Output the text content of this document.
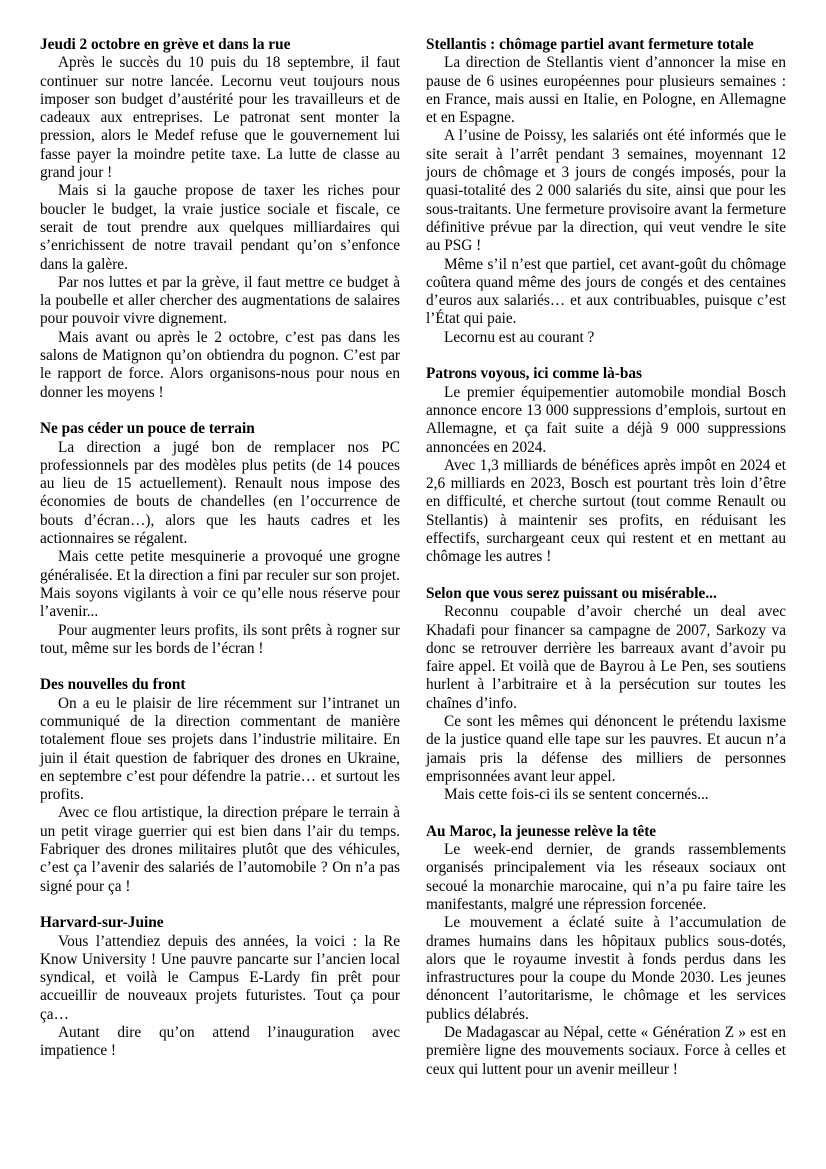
Jeudi 2 octobre en grève et dans la rue

Après le succès du 10 puis du 18 septembre, il faut continuer sur notre lancée. Lecornu veut toujours nous imposer son budget d’austérité pour les travailleurs et de cadeaux aux entreprises. Le patronat sent monter la pression, alors le Medef refuse que le gouvernement lui fasse payer la moindre petite taxe. La lutte de classe au grand jour !

Mais si la gauche propose de taxer les riches pour boucler le budget, la vraie justice sociale et fiscale, ce serait de tout prendre aux quelques milliardaires qui s’enrichissent de notre travail pendant qu’on s’enfonce dans la galère.

Par nos luttes et par la grève, il faut mettre ce budget à la poubelle et aller chercher des augmentations de salaires pour pouvoir vivre dignement.

Mais avant ou après le 2 octobre, c’est pas dans les salons de Matignon qu’on obtiendra du pognon. C’est par le rapport de force. Alors organisons-nous pour nous en donner les moyens !

Ne pas céder un pouce de terrain

La direction a jugé bon de remplacer nos PC professionnels par des modèles plus petits (de 14 pouces au lieu de 15 actuellement). Renault nous impose des économies de bouts de chandelles (en l’occurrence de bouts d’écran…), alors que les hauts cadres et les actionnaires se régalent.

Mais cette petite mesquinerie a provoqué une grogne généralisée. Et la direction a fini par reculer sur son projet. Mais soyons vigilants à voir ce qu’elle nous réserve pour l’avenir...

Pour augmenter leurs profits, ils sont prêts à rogner sur tout, même sur les bords de l’écran !

Des nouvelles du front

On a eu le plaisir de lire récemment sur l’intranet un communiqué de la direction commentant de manière totalement floue ses projets dans l’industrie militaire. En juin il était question de fabriquer des drones en Ukraine, en septembre c’est pour défendre la patrie… et surtout les profits.

Avec ce flou artistique, la direction prépare le terrain à un petit virage guerrier qui est bien dans l’air du temps. Fabriquer des drones militaires plutôt que des véhicules, c’est ça l’avenir des salariés de l’automobile ? On n’a pas signé pour ça !

Harvard-sur-Juine

Vous l’attendiez depuis des années, la voici : la Re Know University ! Une pauvre pancarte sur l’ancien local syndical, et voilà le Campus E-Lardy fin prêt pour accueillir de nouveaux projets futuristes. Tout ça pour ça…

Autant dire qu’on attend l’inauguration avec impatience !

Stellantis : chômage partiel avant fermeture totale

La direction de Stellantis vient d’annoncer la mise en pause de 6 usines européennes pour plusieurs semaines : en France, mais aussi en Italie, en Pologne, en Allemagne et en Espagne.

A l’usine de Poissy, les salariés ont été informés que le site serait à l’arrêt pendant 3 semaines, moyennant 12 jours de chômage et 3 jours de congés imposés, pour la quasi-totalité des 2 000 salariés du site, ainsi que pour les sous-traitants. Une fermeture provisoire avant la fermeture définitive prévue par la direction, qui veut vendre le site au PSG !

Même s’il n’est que partiel, cet avant-goût du chômage coûtera quand même des jours de congés et des centaines d’euros aux salariés… et aux contribuables, puisque c’est l’État qui paie.

Lecornu est au courant ?

Patrons voyous, ici comme là-bas

Le premier équipementier automobile mondial Bosch annonce encore 13 000 suppressions d’emplois, surtout en Allemagne, et ça fait suite a déjà 9 000 suppressions annoncées en 2024.

Avec 1,3 milliards de bénéfices après impôt en 2024 et 2,6 milliards en 2023, Bosch est pourtant très loin d’être en difficulté, et cherche surtout (tout comme Renault ou Stellantis) à maintenir ses profits, en réduisant les effectifs, surchargeant ceux qui restent et en mettant au chômage les autres !

Selon que vous serez puissant ou misérable...

Reconnu coupable d’avoir cherché un deal avec Khadafi pour financer sa campagne de 2007, Sarkozy va donc se retrouver derrière les barreaux avant d’avoir pu faire appel. Et voilà que de Bayrou à Le Pen, ses soutiens hurlent à l’arbitraire et à la persécution sur toutes les chaînes d’info.

Ce sont les mêmes qui dénoncent le prétendu laxisme de la justice quand elle tape sur les pauvres. Et aucun n’a jamais pris la défense des milliers de personnes emprisonnées avant leur appel.

Mais cette fois-ci ils se sentent concernés...

Au Maroc, la jeunesse relève la tête

Le week-end dernier, de grands rassemblements organisés principalement via les réseaux sociaux ont secoué la monarchie marocaine, qui n’a pu faire taire les manifestants, malgré une répression forcenée.

Le mouvement a éclaté suite à l’accumulation de drames humains dans les hôpitaux publics sous-dotés, alors que le royaume investit à fonds perdus dans les infrastructures pour la coupe du Monde 2030. Les jeunes dénoncent l’autoritarisme, le chômage et les services publics délabrés.

De Madagascar au Népal, cette « Génération Z » est en première ligne des mouvements sociaux. Force à celles et ceux qui luttent pour un avenir meilleur !
